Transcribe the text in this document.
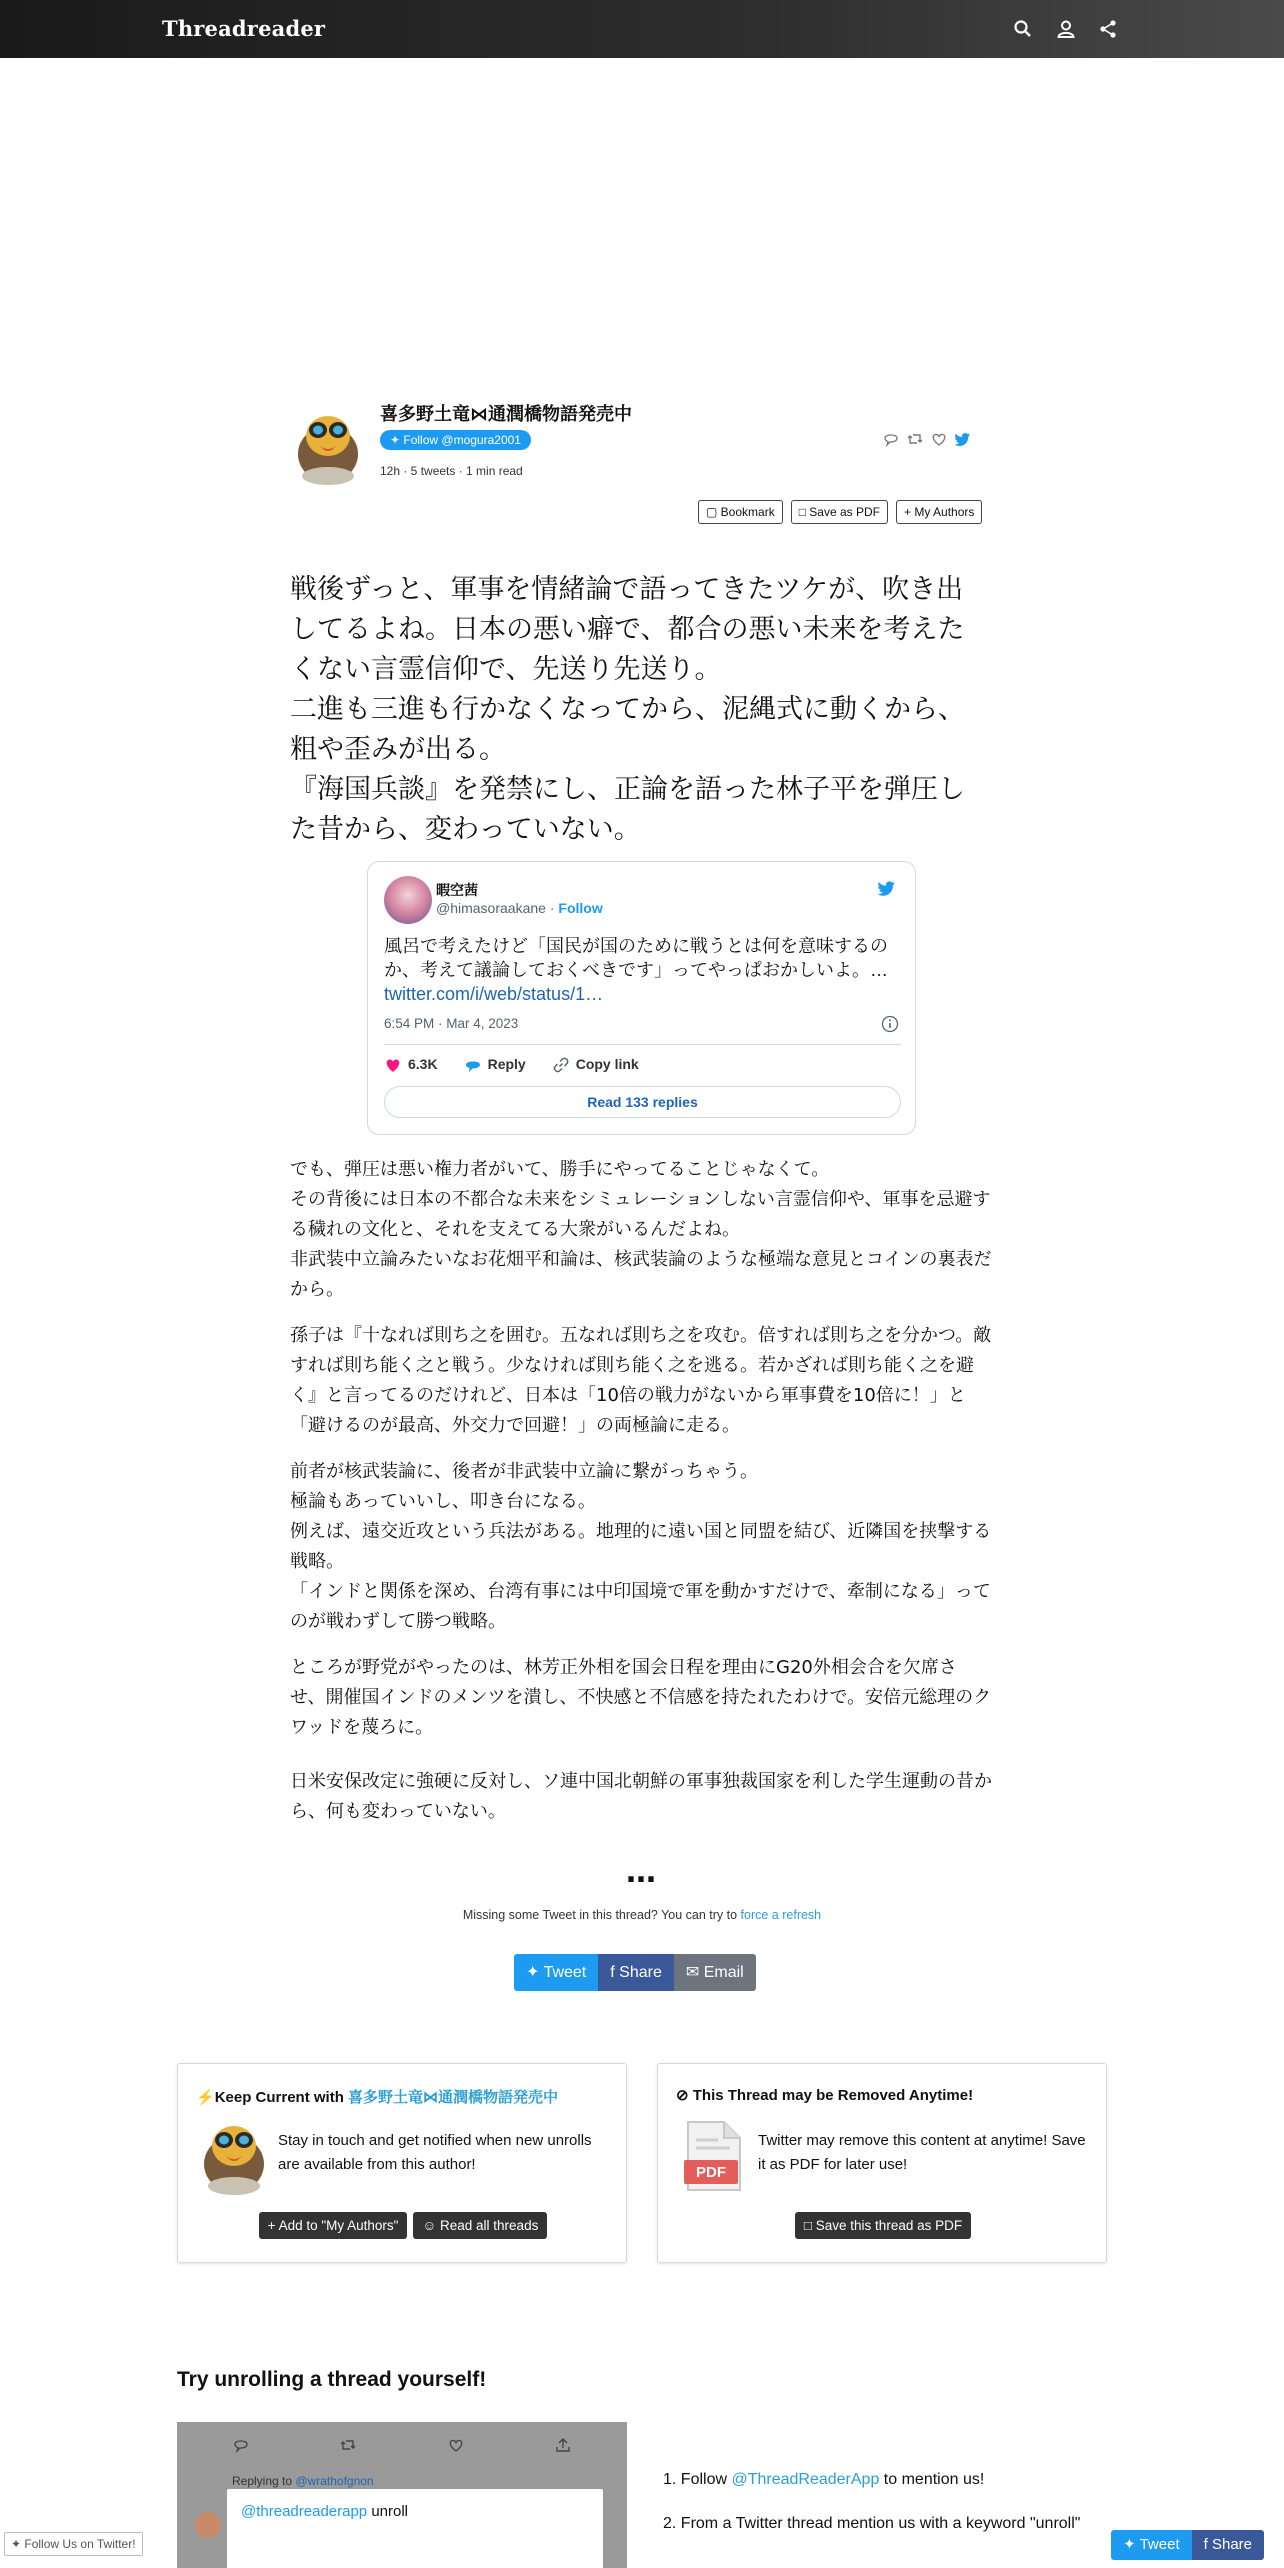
Threadreader
喜多野土竜⋈通潤橋物語発売中
✦ Follow @mogura2001
12h · 5 tweets · 1 min read
▢ Bookmark	□ Save as PDF	+ My Authors

戦後ずっと、軍事を情緒論で語ってきたツケが、吹き出してるよね。日本の悪い癖で、都合の悪い未来を考えたくない言霊信仰で、先送り先送り。

二進も三進も行かなくなってから、泥縄式に動くから、粗や歪みが出る。

『海国兵談』を発禁にし、正論を語った林子平を弾圧した昔から、変わっていない。

暇空茜
@himasoraakane · Follow
風呂で考えたけど「国民が国のために戦うとは何を意味するのか、考えて議論しておくべきです」ってやっぱおかしいよ。… twitter.com/i/web/status/1…
6:54 PM · Mar 4, 2023
6.3K	Reply	Copy link
Read 133 replies

でも、弾圧は悪い権力者がいて、勝手にやってることじゃなくて。
その背後には日本の不都合な未来をシミュレーションしない言霊信仰や、軍事を忌避する穢れの文化と、それを支えてる大衆がいるんだよね。
非武装中立論みたいなお花畑平和論は、核武装論のような極端な意見とコインの裏表だから。

孫子は『十なれば則ち之を囲む。五なれば則ち之を攻む。倍すれば則ち之を分かつ。敵すれば則ち能く之と戦う。少なければ則ち能く之を逃る。若かざれば則ち能く之を避く』と言ってるのだけれど、日本は「10倍の戦力がないから軍事費を10倍に！」と「避けるのが最高、外交力で回避！」の両極論に走る。

前者が核武装論に、後者が非武装中立論に繋がっちゃう。
極論もあっていいし、叩き台になる。
例えば、遠交近攻という兵法がある。地理的に遠い国と同盟を結び、近隣国を挟撃する戦略。
「インドと関係を深め、台湾有事には中印国境で軍を動かすだけで、牽制になる」ってのが戦わずして勝つ戦略。

ところが野党がやったのは、林芳正外相を国会日程を理由にG20外相会合を欠席させ、開催国インドのメンツを潰し、不快感と不信感を持たれたわけで。安倍元総理のクワッドを蔑ろに。

日米安保改定に強硬に反対し、ソ連中国北朝鮮の軍事独裁国家を利した学生運動の昔から、何も変わっていない。

…
Missing some Tweet in this thread? You can try to force a refresh
✦ Tweet	f Share	✉ Email
⚡Keep Current with 喜多野土竜⋈通潤橋物語発売中
Stay in touch and get notified when new unrolls are available from this author!
+ Add to "My Authors"	☺ Read all threads
⊘ This Thread may be Removed Anytime!
PDF
Twitter may remove this content at anytime! Save it as PDF for later use!
□ Save this thread as PDF
Try unrolling a thread yourself!
Replying to @wrathofgnon
@threadreaderapp unroll
1. Follow @ThreadReaderApp to mention us!
2. From a Twitter thread mention us with a keyword "unroll"
✦ Follow Us on Twitter!	✦ Tweet	f Share
